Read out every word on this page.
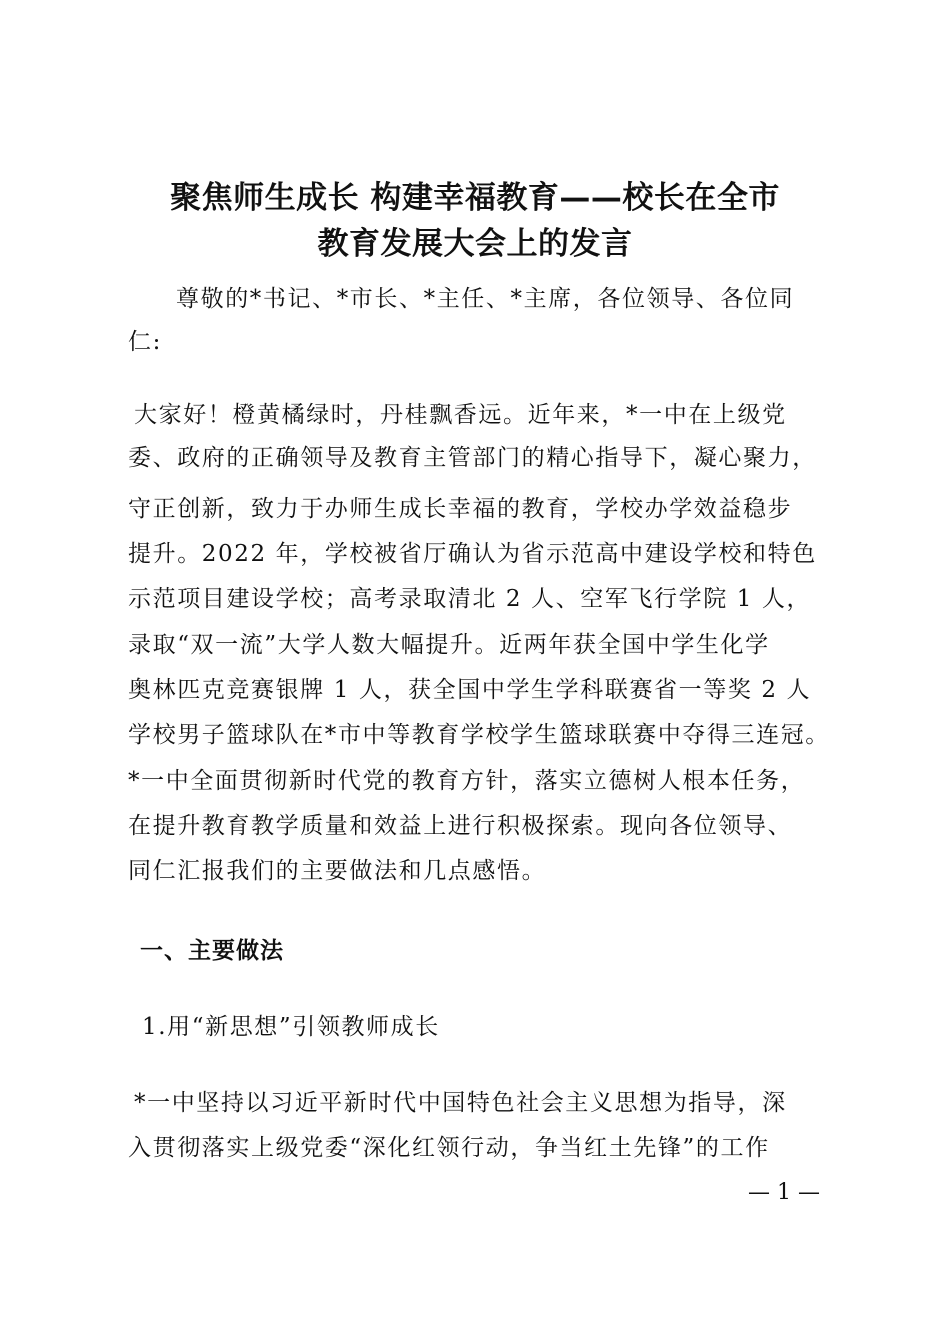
聚焦师生成长 构建幸福教育——校长在全市
教育发展大会上的发言
尊敬的*书记、*市长、*主任、*主席，各位领导、各位同
仁:
大家好！橙黄橘绿时，丹桂飘香远。近年来，*一中在上级党
委、政府的正确领导及教育主管部门的精心指导下，凝心聚力，
守正创新，致力于办师生成长幸福的教育，学校办学效益稳步
提升。2022 年，学校被省厅确认为省示范高中建设学校和特色
示范项目建设学校；高考录取清北 2 人、空军飞行学院 1 人，
录取“双一流”大学人数大幅提升。近两年获全国中学生化学
奥林匹克竞赛银牌 1 人，获全国中学生学科联赛省一等奖 2 人
学校男子篮球队在*市中等教育学校学生篮球联赛中夺得三连冠。
*一中全面贯彻新时代党的教育方针，落实立德树人根本任务，
在提升教育教学质量和效益上进行积极探索。现向各位领导、
同仁汇报我们的主要做法和几点感悟。
一、主要做法
1.用“新思想”引领教师成长
*一中坚持以习近平新时代中国特色社会主义思想为指导，深
入贯彻落实上级党委“深化红领行动，争当红土先锋”的工作
— 1 —
